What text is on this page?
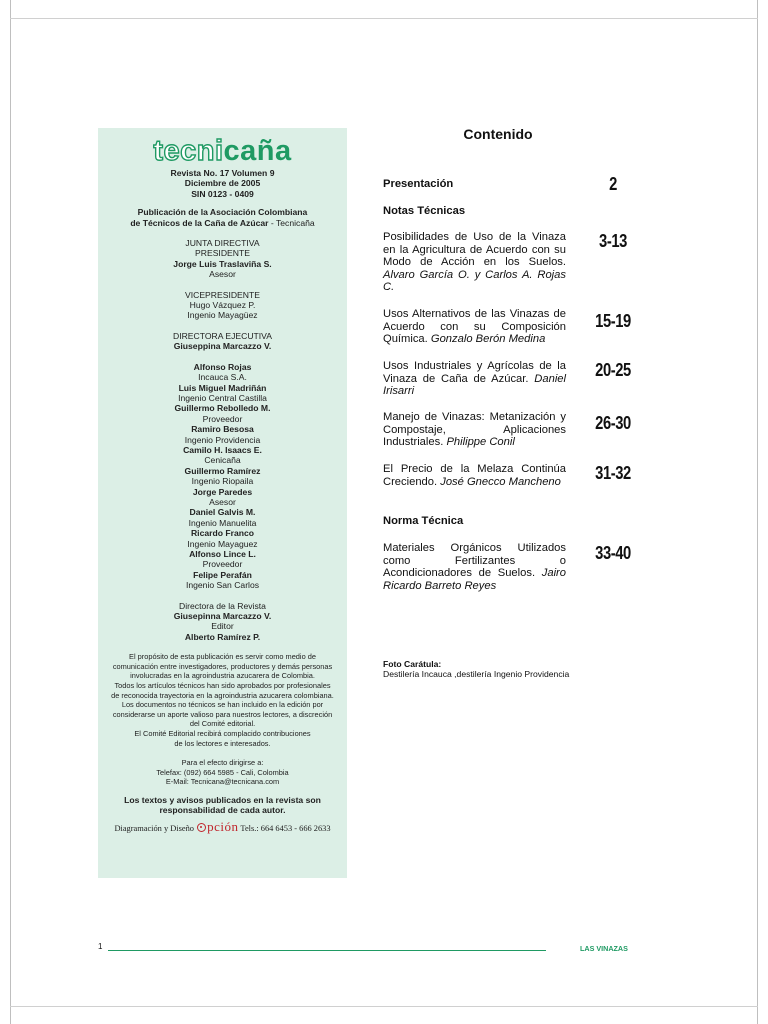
tecnicaña
Revista No. 17 Volumen 9
Diciembre de 2005
SIN 0123 - 0409
Publicación de la Asociación Colombiana
de Técnicos de la Caña de Azúcar - Tecnicaña
JUNTA DIRECTIVA
PRESIDENTE
Jorge Luis Traslaviña S.
Asesor
VICEPRESIDENTE
Hugo Vázquez P.
Ingenio Mayagüez
DIRECTORA EJECUTIVA
Giuseppina Marcazzo V.
Alfonso Rojas
Incauca S.A.
Luis Miguel Madriñán
Ingenio Central Castilla
Guillermo Rebolledo M.
Proveedor
Ramiro Besosa
Ingenio Providencia
Camilo H. Isaacs E.
Cenicaña
Guillermo Ramírez
Ingenio Riopaila
Jorge Paredes
Asesor
Daniel Galvis M.
Ingenio Manuelita
Ricardo Franco
Ingenio Mayaguez
Alfonso Lince L.
Proveedor
Felipe Perafán
Ingenio San Carlos
Directora de la Revista
Giusepinna Marcazzo V.
Editor
Alberto Ramírez P.
El propósito de esta publicación es servir como medio de
comunicación entre investigadores, productores y demás personas
involucradas en la agroindustria azucarera de Colombia.
Todos los artículos técnicos han sido aprobados por profesionales
de reconocida trayectoria en la agroindustria azucarera colombiana.
Los documentos no técnicos se han incluido en la edición por
considerarse un aporte valioso para nuestros lectores, a discreción
del Comité editorial.
El Comité Editorial recibirá complacido contribuciones
de los lectores e interesados.
Para el efecto dirigirse a:
Telefax: (092) 664 5985 - Cali, Colombia
E-Mail: Tecnicana@tecnicana.com
Los textos y avisos publicados en la revista son
responsabilidad de cada autor.
Diagramación y Diseño pción Tels.: 664 6453 - 666 2633
Contenido
Presentación	2
Notas Técnicas
Posibilidades de Uso de la Vinaza en la Agricultura de Acuerdo con su Modo de Acción en los Suelos. Alvaro García O. y Carlos A. Rojas C.
3-13
Usos Alternativos de las Vinazas de Acuerdo con su Composición Química. Gonzalo Berón Medina
15-19
Usos Industriales y Agrícolas de la Vinaza de Caña de Azúcar. Daniel Irisarri
20-25
Manejo de Vinazas: Metanización y Compostaje, Aplicaciones Industriales. Philippe Conil
26-30
El Precio de la Melaza Continúa Creciendo. José Gnecco Mancheno	31-32
Norma Técnica
Materiales Orgánicos Utilizados como Fertilizantes o Acondicionadores de Suelos. Jairo Ricardo Barreto Reyes
33-40
Foto Carátula:
Destilería Incauca ,destilería Ingenio Providencia
1	LAS VINAZAS
